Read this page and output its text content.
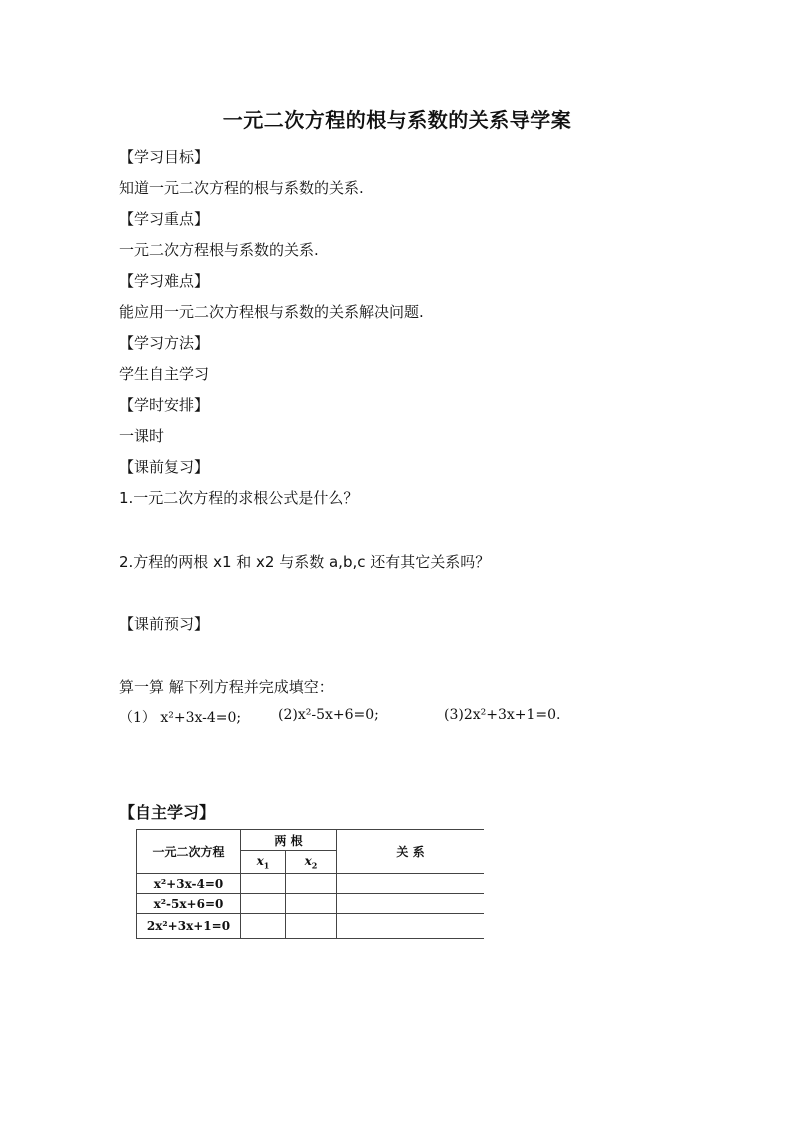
一元二次方程的根与系数的关系导学案
【学习目标】
知道一元二次方程的根与系数的关系.
【学习重点】
一元二次方程根与系数的关系.
【学习难点】
能应用一元二次方程根与系数的关系解决问题.
【学习方法】
学生自主学习
【学时安排】
一课时
【课前复习】
1.一元二次方程的求根公式是什么？
2.方程的两根 x1 和 x2 与系数 a,b,c 还有其它关系吗？
【课前预习】
算一算 解下列方程并完成填空：
（1） x²+3x-4=0;	(2)x²-5x+6=0;	(3)2x²+3x+1=0.
【自主学习】
一元二次方程	两 根		关 系
	$x_1$	$x_2$
x²+3x-4=0			
x²-5x+6=0			
2x²+3x+1=0			
